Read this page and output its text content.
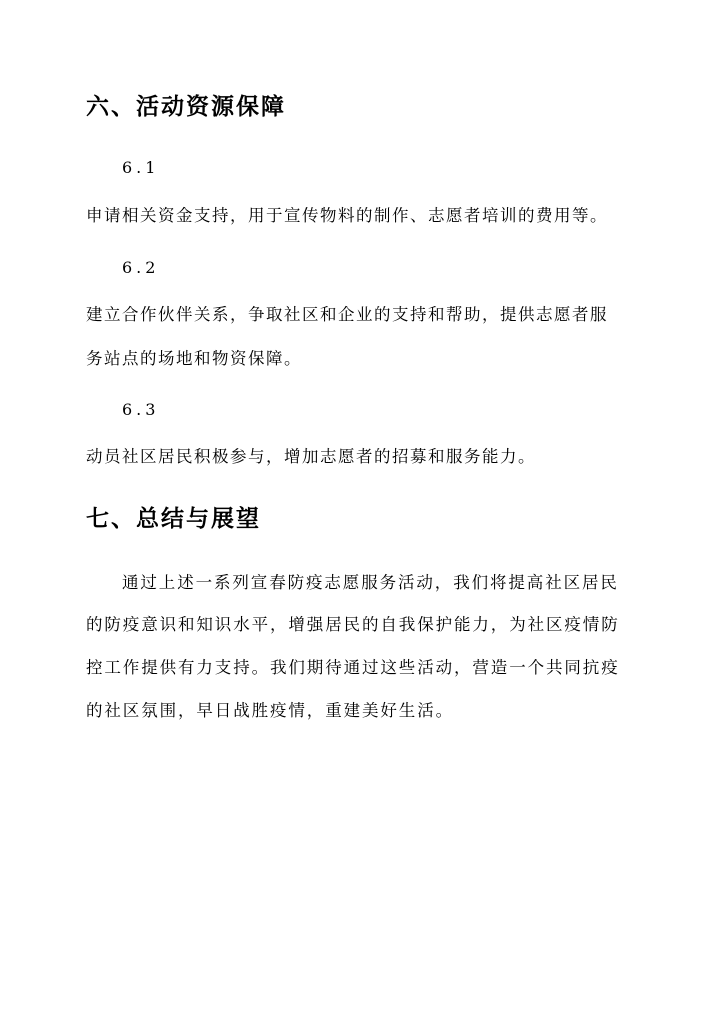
六、活动资源保障
6.1
申请相关资金支持，用于宣传物料的制作、志愿者培训的费用等。
6.2
建立合作伙伴关系，争取社区和企业的支持和帮助，提供志愿者服
务站点的场地和物资保障。
6.3
动员社区居民积极参与，增加志愿者的招募和服务能力。
七、总结与展望
通过上述一系列宣春防疫志愿服务活动，我们将提高社区居民
的防疫意识和知识水平，增强居民的自我保护能力，为社区疫情防
控工作提供有力支持。我们期待通过这些活动，营造一个共同抗疫
的社区氛围，早日战胜疫情，重建美好生活。
